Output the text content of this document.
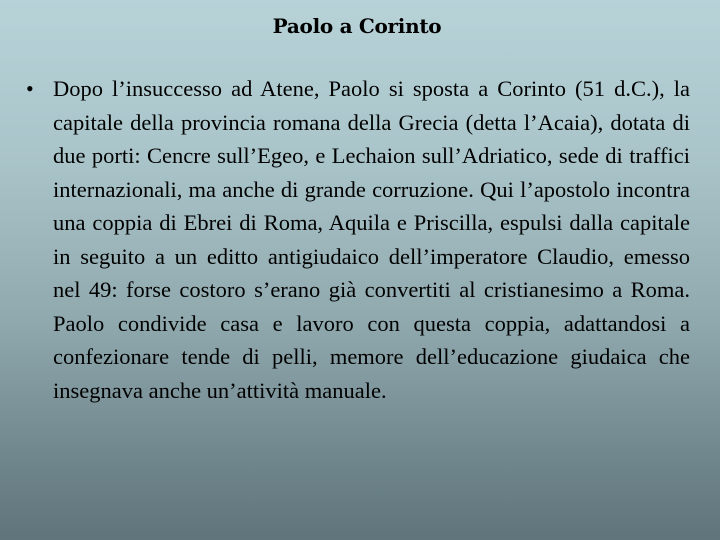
Paolo a Corinto
• Dopo l’insuccesso ad Atene, Paolo si sposta a Corinto (51 d.C.), la capitale della provincia romana della Grecia (detta l’Acaia), dotata di due porti: Cencre sull’Egeo, e Lechaion sull’Adriatico, sede di traffici internazionali, ma anche di grande corruzione. Qui l’apostolo incontra una coppia di Ebrei di Roma, Aquila e Priscilla, espulsi dalla capitale in seguito a un editto antigiudaico dell’imperatore Claudio, emesso nel 49: forse costoro s’erano già convertiti al cristianesimo a Roma. Paolo condivide casa e lavoro con questa coppia, adattandosi a confezionare tende di pelli, memore dell’educazione giudaica che insegnava anche un’attività manuale.
